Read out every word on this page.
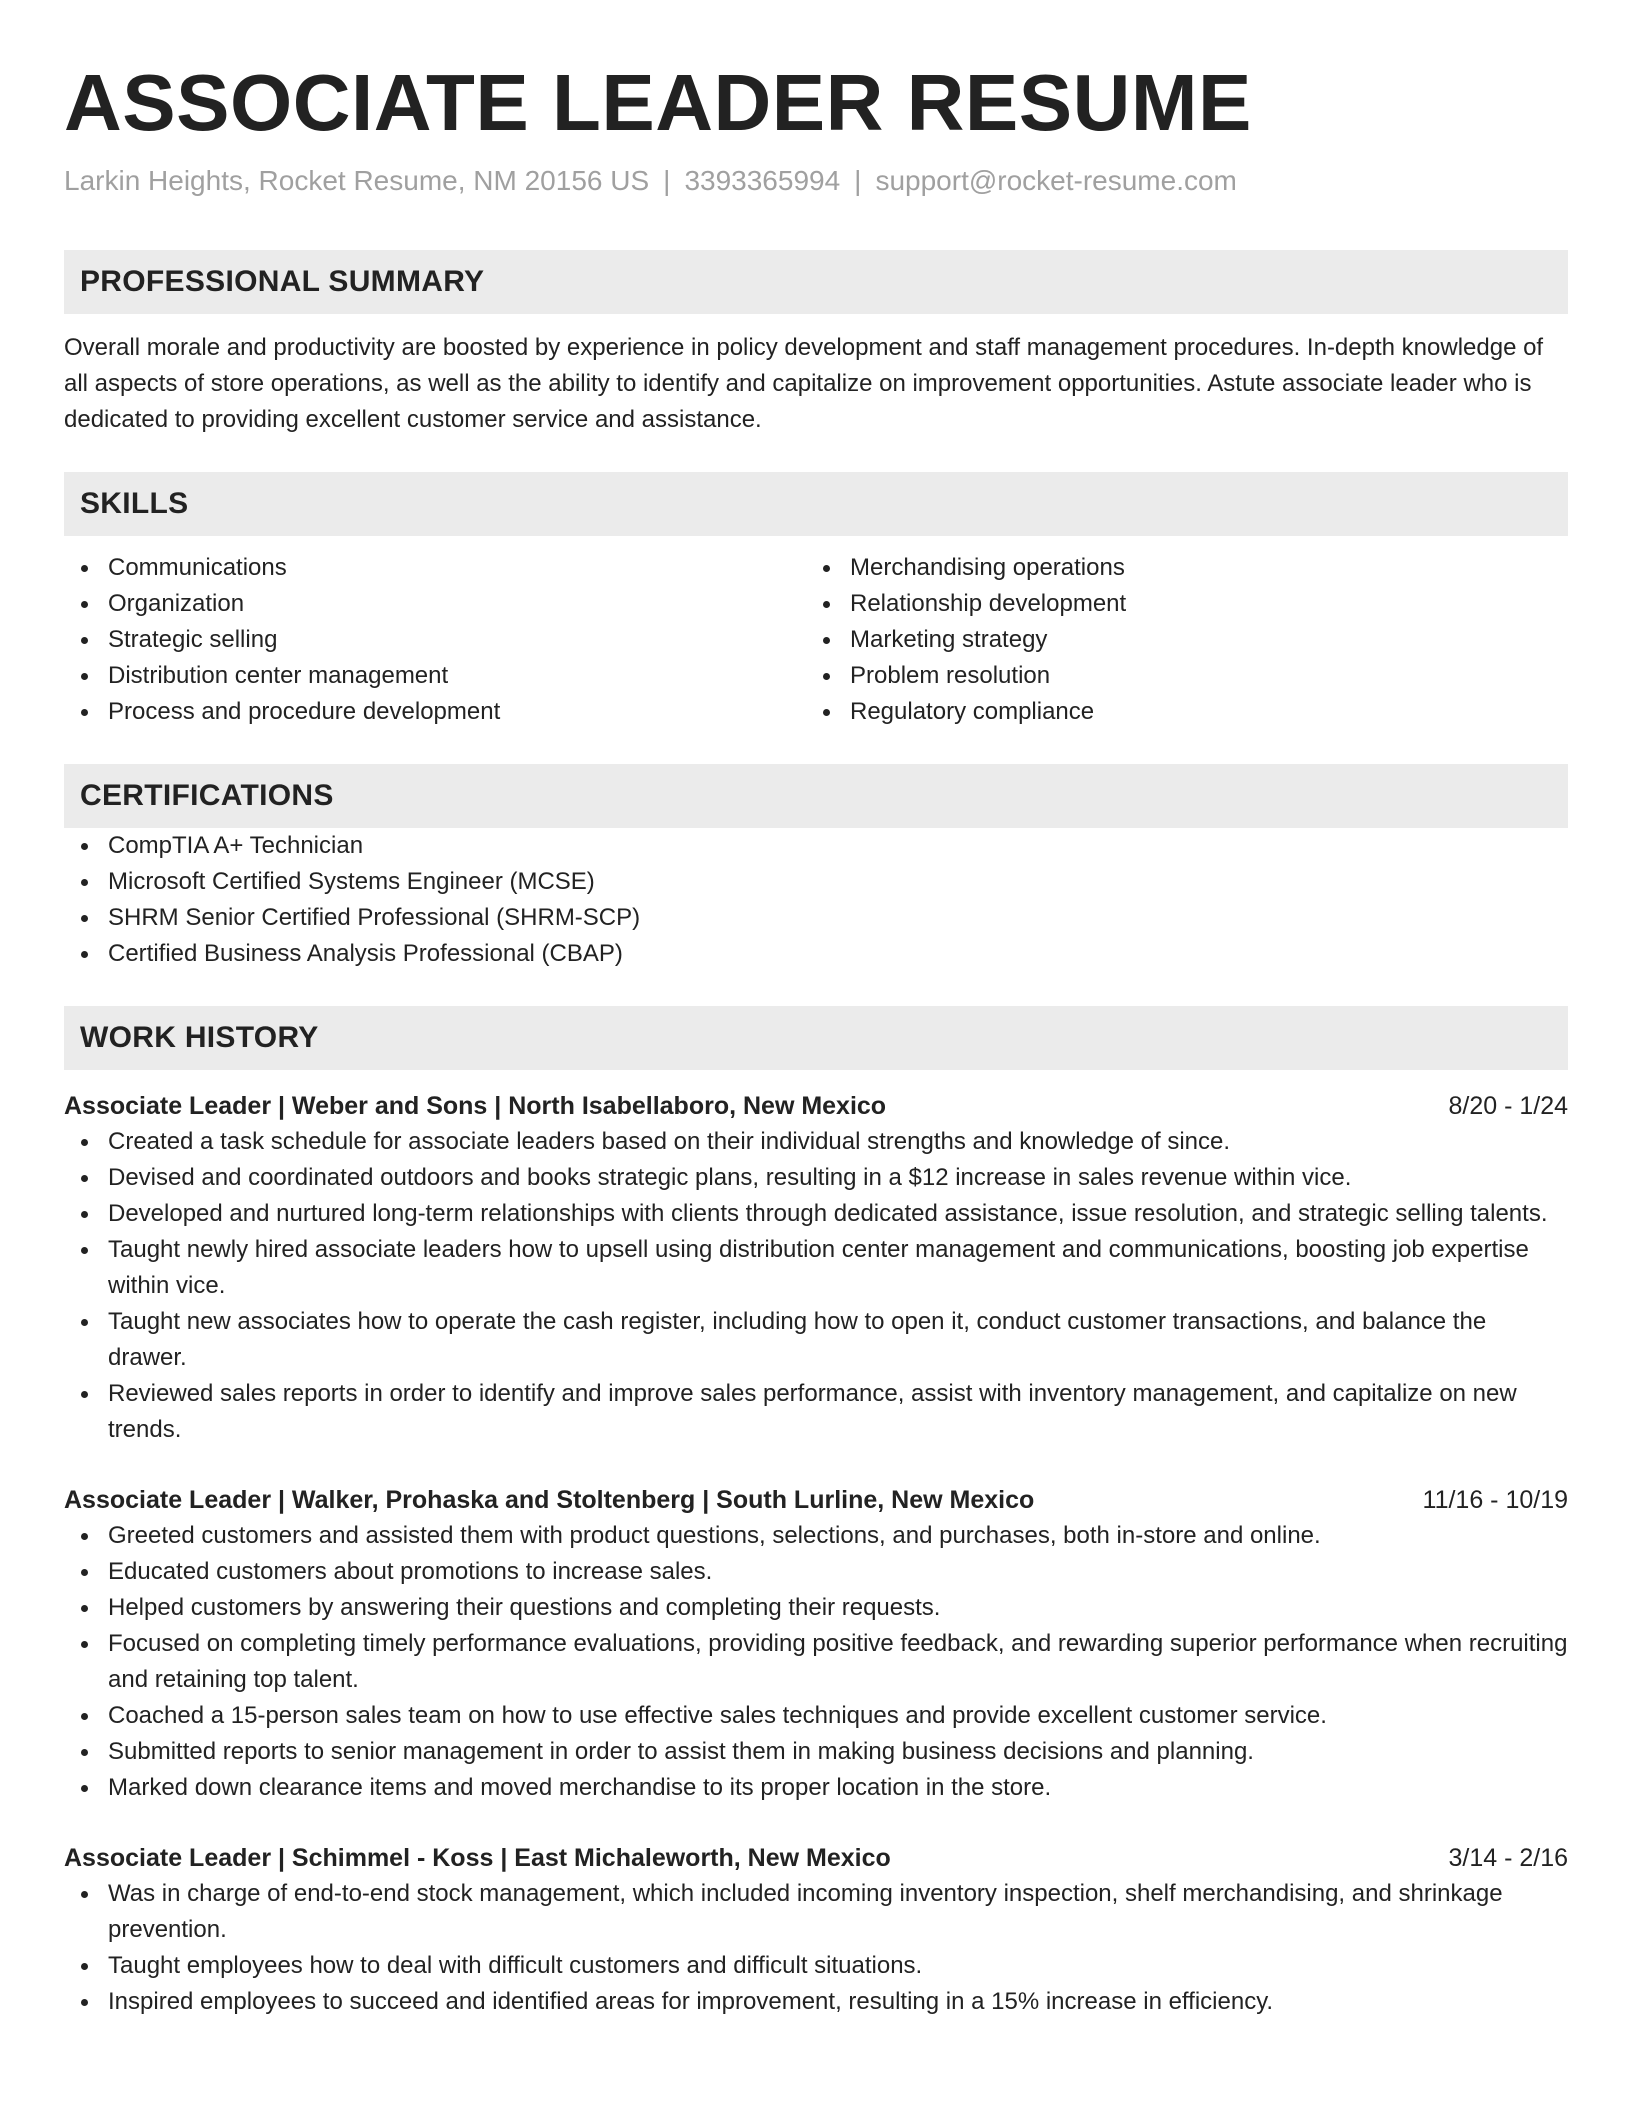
ASSOCIATE LEADER RESUME
Larkin Heights, Rocket Resume, NM 20156 US | 3393365994 | support@rocket-resume.com
PROFESSIONAL SUMMARY
Overall morale and productivity are boosted by experience in policy development and staff management procedures. In-depth knowledge of all aspects of store operations, as well as the ability to identify and capitalize on improvement opportunities. Astute associate leader who is dedicated to providing excellent customer service and assistance.
SKILLS
Communications
Organization
Strategic selling
Distribution center management
Process and procedure development
Merchandising operations
Relationship development
Marketing strategy
Problem resolution
Regulatory compliance
CERTIFICATIONS
CompTIA A+ Technician
Microsoft Certified Systems Engineer (MCSE)
SHRM Senior Certified Professional (SHRM-SCP)
Certified Business Analysis Professional (CBAP)
WORK HISTORY
Associate Leader | Weber and Sons | North Isabellaboro, New Mexico	8/20 - 1/24
Created a task schedule for associate leaders based on their individual strengths and knowledge of since.
Devised and coordinated outdoors and books strategic plans, resulting in a $12 increase in sales revenue within vice.
Developed and nurtured long-term relationships with clients through dedicated assistance, issue resolution, and strategic selling talents.
Taught newly hired associate leaders how to upsell using distribution center management and communications, boosting job expertise within vice.
Taught new associates how to operate the cash register, including how to open it, conduct customer transactions, and balance the drawer.
Reviewed sales reports in order to identify and improve sales performance, assist with inventory management, and capitalize on new trends.
Associate Leader | Walker, Prohaska and Stoltenberg | South Lurline, New Mexico	11/16 - 10/19
Greeted customers and assisted them with product questions, selections, and purchases, both in-store and online.
Educated customers about promotions to increase sales.
Helped customers by answering their questions and completing their requests.
Focused on completing timely performance evaluations, providing positive feedback, and rewarding superior performance when recruiting and retaining top talent.
Coached a 15-person sales team on how to use effective sales techniques and provide excellent customer service.
Submitted reports to senior management in order to assist them in making business decisions and planning.
Marked down clearance items and moved merchandise to its proper location in the store.
Associate Leader | Schimmel - Koss | East Michaleworth, New Mexico	3/14 - 2/16
Was in charge of end-to-end stock management, which included incoming inventory inspection, shelf merchandising, and shrinkage prevention.
Taught employees how to deal with difficult customers and difficult situations.
Inspired employees to succeed and identified areas for improvement, resulting in a 15% increase in efficiency.
